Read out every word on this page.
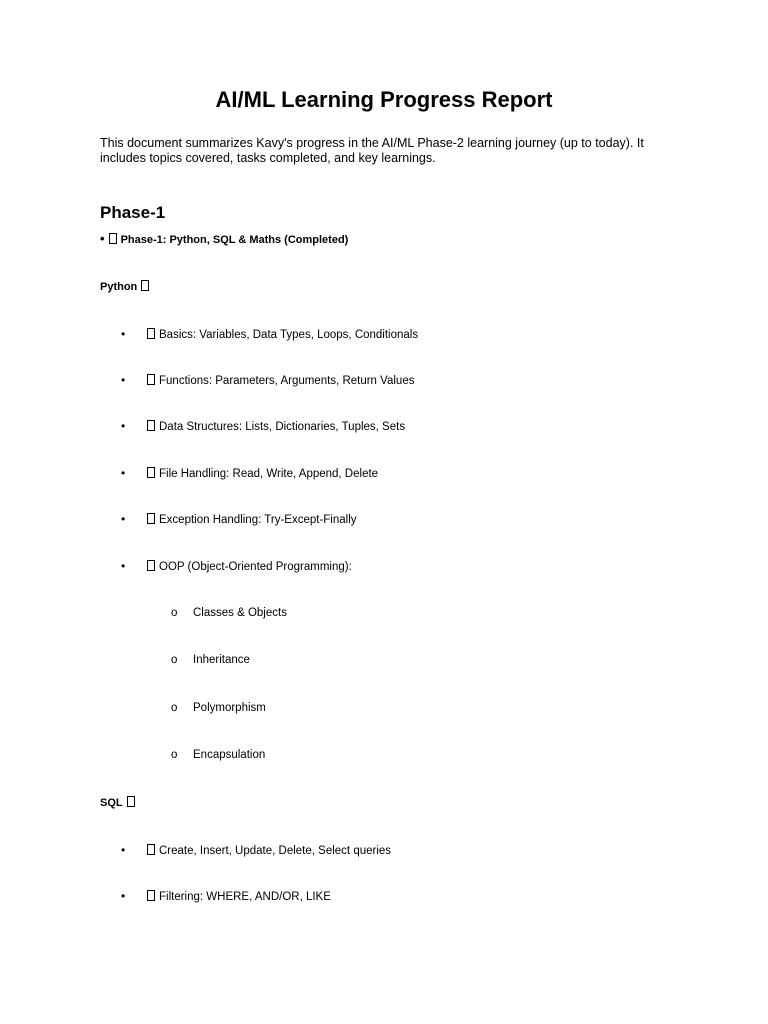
AI/ML Learning Progress Report

This document summarizes Kavy's progress in the AI/ML Phase-2 learning journey (up to today). It includes topics covered, tasks completed, and key learnings.

Phase-1
• Phase-1: Python, SQL & Maths (Completed)
Python
•	Basics: Variables, Data Types, Loops, Conditionals
•	Functions: Parameters, Arguments, Return Values
•	Data Structures: Lists, Dictionaries, Tuples, Sets
•	File Handling: Read, Write, Append, Delete
•	Exception Handling: Try-Except-Finally
•	OOP (Object-Oriented Programming):
o Classes & Objects
o Inheritance
o Polymorphism
o Encapsulation
SQL
•	Create, Insert, Update, Delete, Select queries
•	Filtering: WHERE, AND/OR, LIKE
